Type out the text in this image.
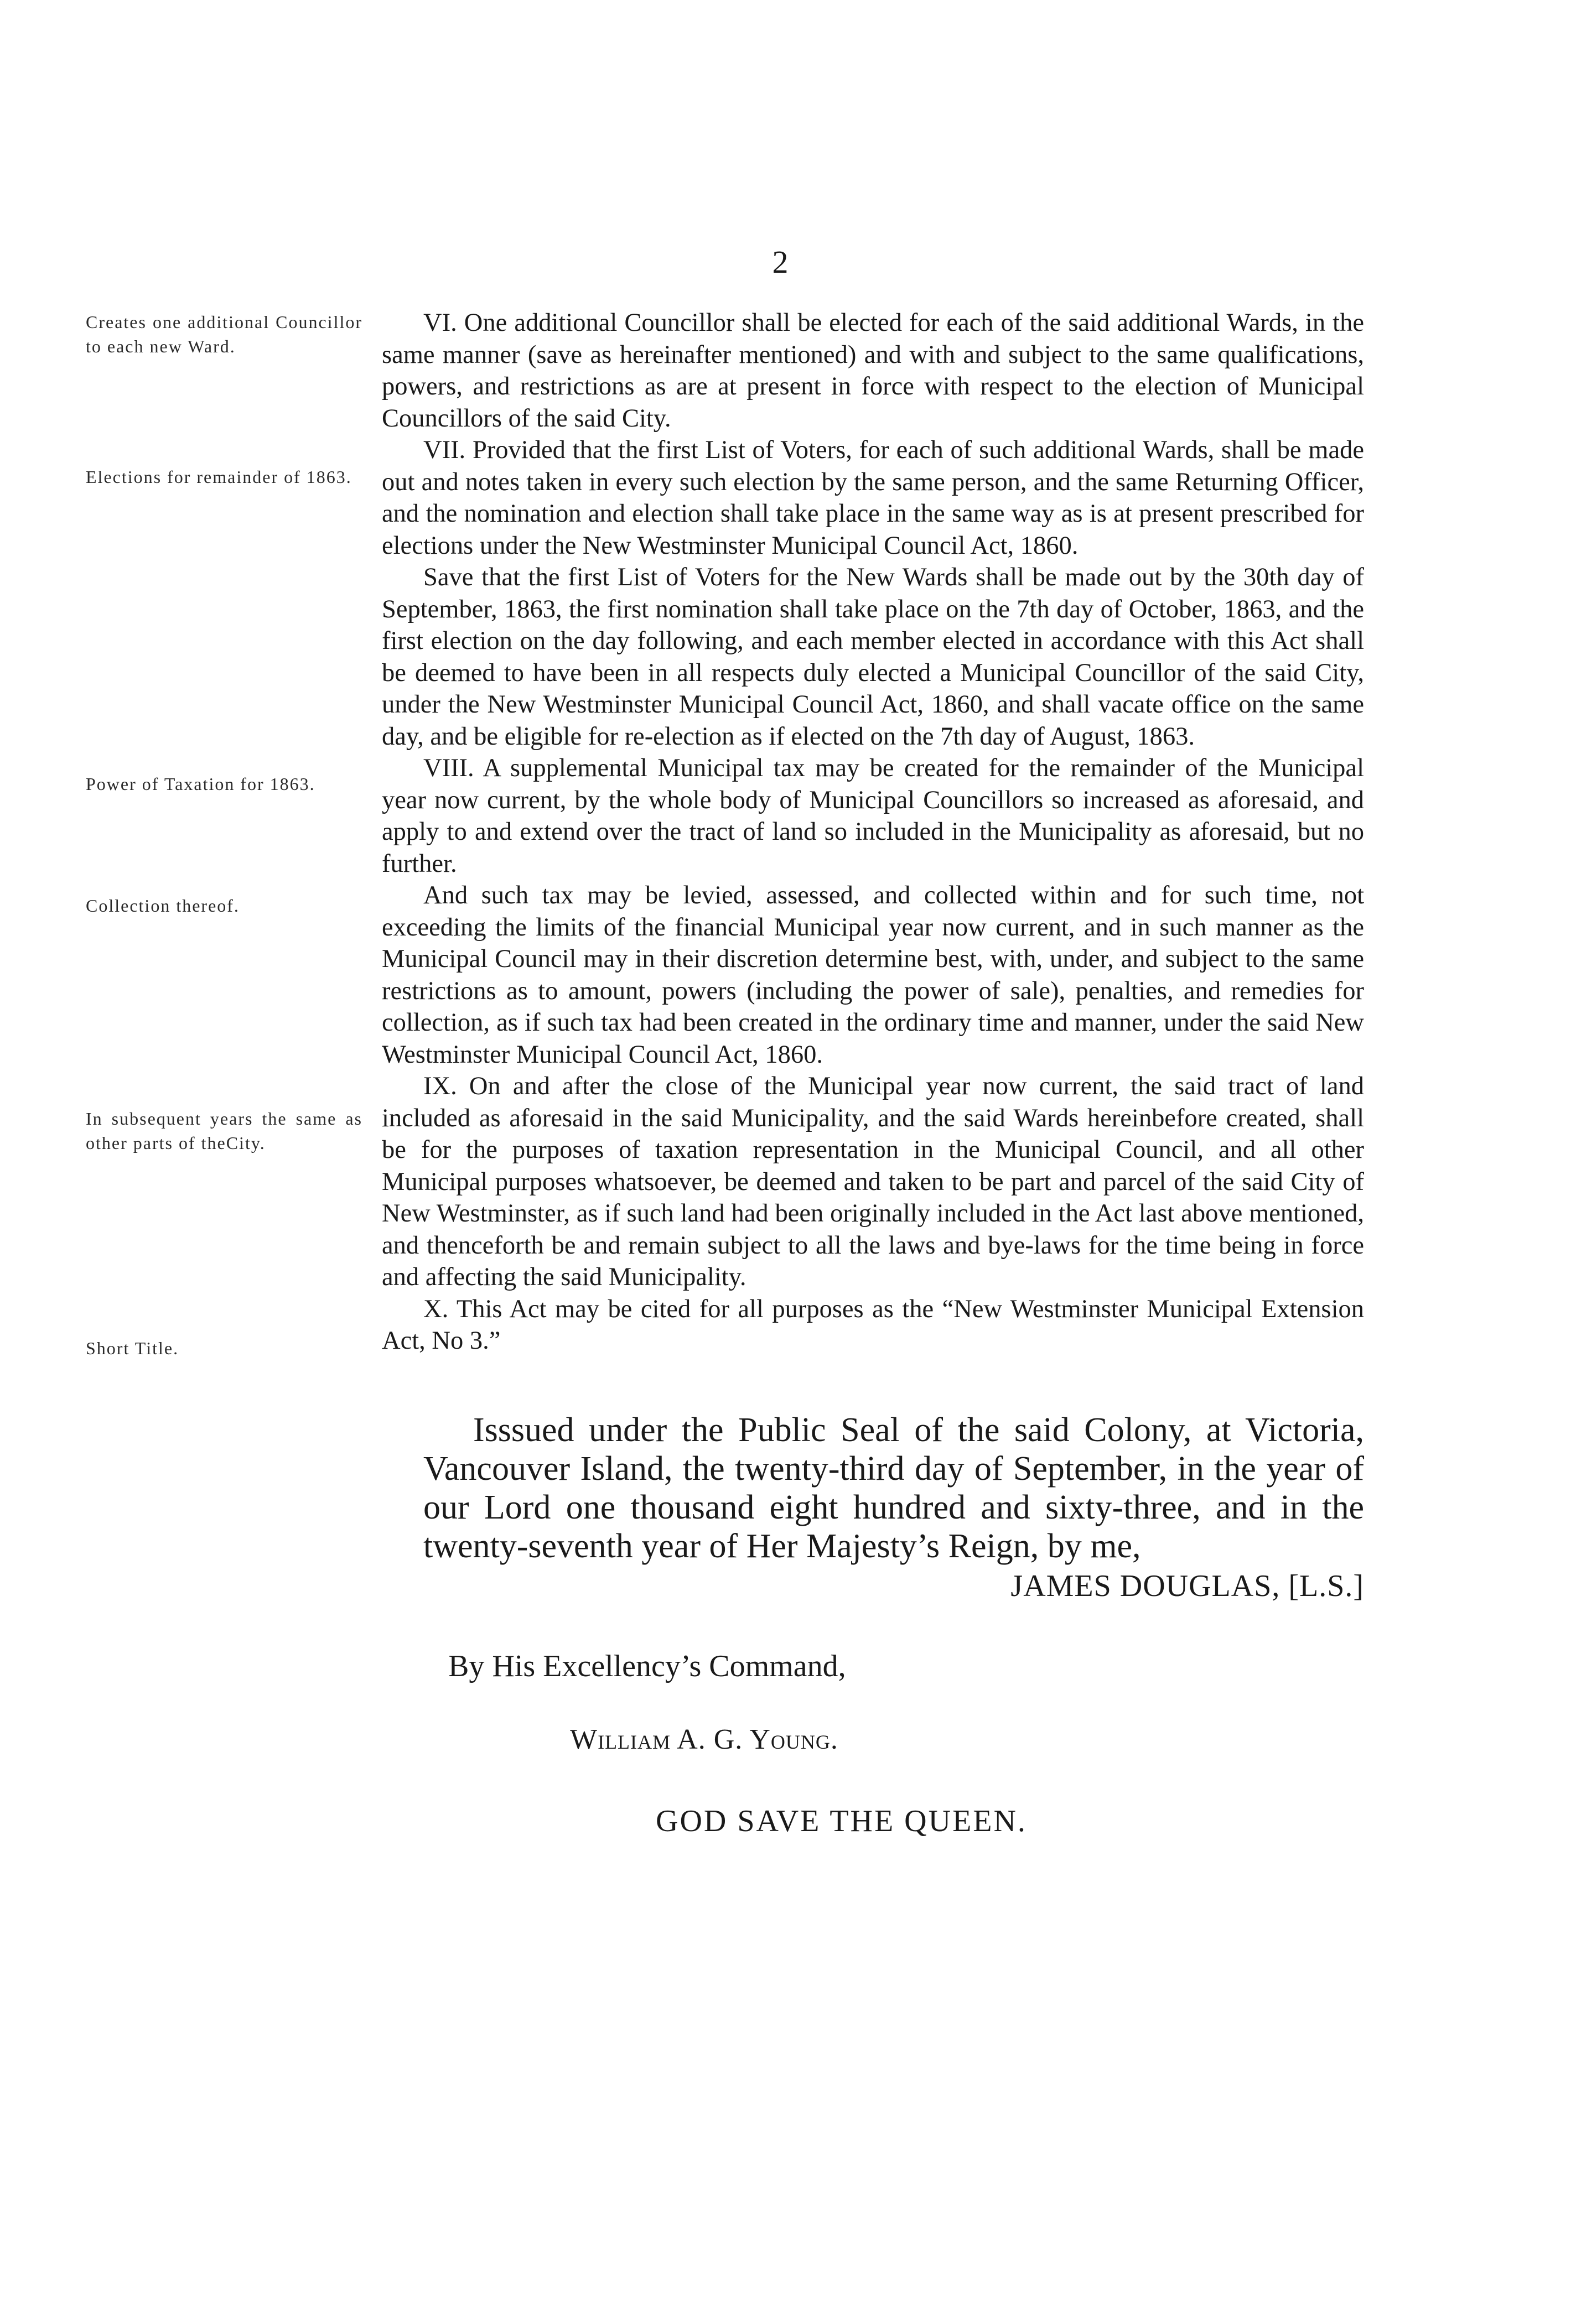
2
Creates one additional Councillor to each new Ward.
Elections for remainder of 1863.
Power of Taxation for 1863.
Collection thereof.
In subsequent years the same as other parts of theCity.
Short Title.

VI. One additional Councillor shall be elected for each of the said additional Wards, in the same manner (save as hereinafter mentioned) and with and subject to the same qualifications, powers, and restrictions as are at present in force with respect to the election of Municipal Councillors of the said City.

VII. Provided that the first List of Voters, for each of such additional Wards, shall be made out and notes taken in every such election by the same person, and the same Returning Officer, and the nomination and election shall take place in the same way as is at present prescribed for elections under the New Westminster Municipal Council Act, 1860.

Save that the first List of Voters for the New Wards shall be made out by the 30th day of September, 1863, the first nomination shall take place on the 7th day of October, 1863, and the first election on the day following, and each member elected in accordance with this Act shall be deemed to have been in all respects duly elected a Municipal Councillor of the said City, under the New Westminster Municipal Council Act, 1860, and shall vacate office on the same day, and be eligible for re-election as if elected on the 7th day of August, 1863.

VIII. A supplemental Municipal tax may be created for the remainder of the Municipal year now current, by the whole body of Municipal Councillors so increased as aforesaid, and apply to and extend over the tract of land so included in the Municipality as aforesaid, but no further.

And such tax may be levied, assessed, and collected within and for such time, not exceeding the limits of the financial Municipal year now current, and in such manner as the Municipal Council may in their discretion determine best, with, under, and subject to the same restrictions as to amount, powers (including the power of sale), penalties, and remedies for collection, as if such tax had been created in the ordinary time and manner, under the said New Westminster Municipal Council Act, 1860.

IX. On and after the close of the Municipal year now current, the said tract of land included as aforesaid in the said Municipality, and the said Wards hereinbefore created, shall be for the purposes of taxation representation in the Municipal Council, and all other Municipal purposes whatsoever, be deemed and taken to be part and parcel of the said City of New Westminster, as if such land had been originally included in the Act last above mentioned, and thenceforth be and remain subject to all the laws and bye-laws for the time being in force and affecting the said Municipality.

X. This Act may be cited for all purposes as the “New Westminster Municipal Extension Act, No 3.”

Isssued under the Public Seal of the said Colony, at Victoria, Vancouver Island, the twenty-third day of September, in the year of our Lord one thousand eight hundred and sixty-three, and in the twenty-seventh year of Her Majesty’s Reign, by me,
JAMES DOUGLAS, [L.S.]
By His Excellency’s Command,
William A. G. Young.
GOD SAVE THE QUEEN.
